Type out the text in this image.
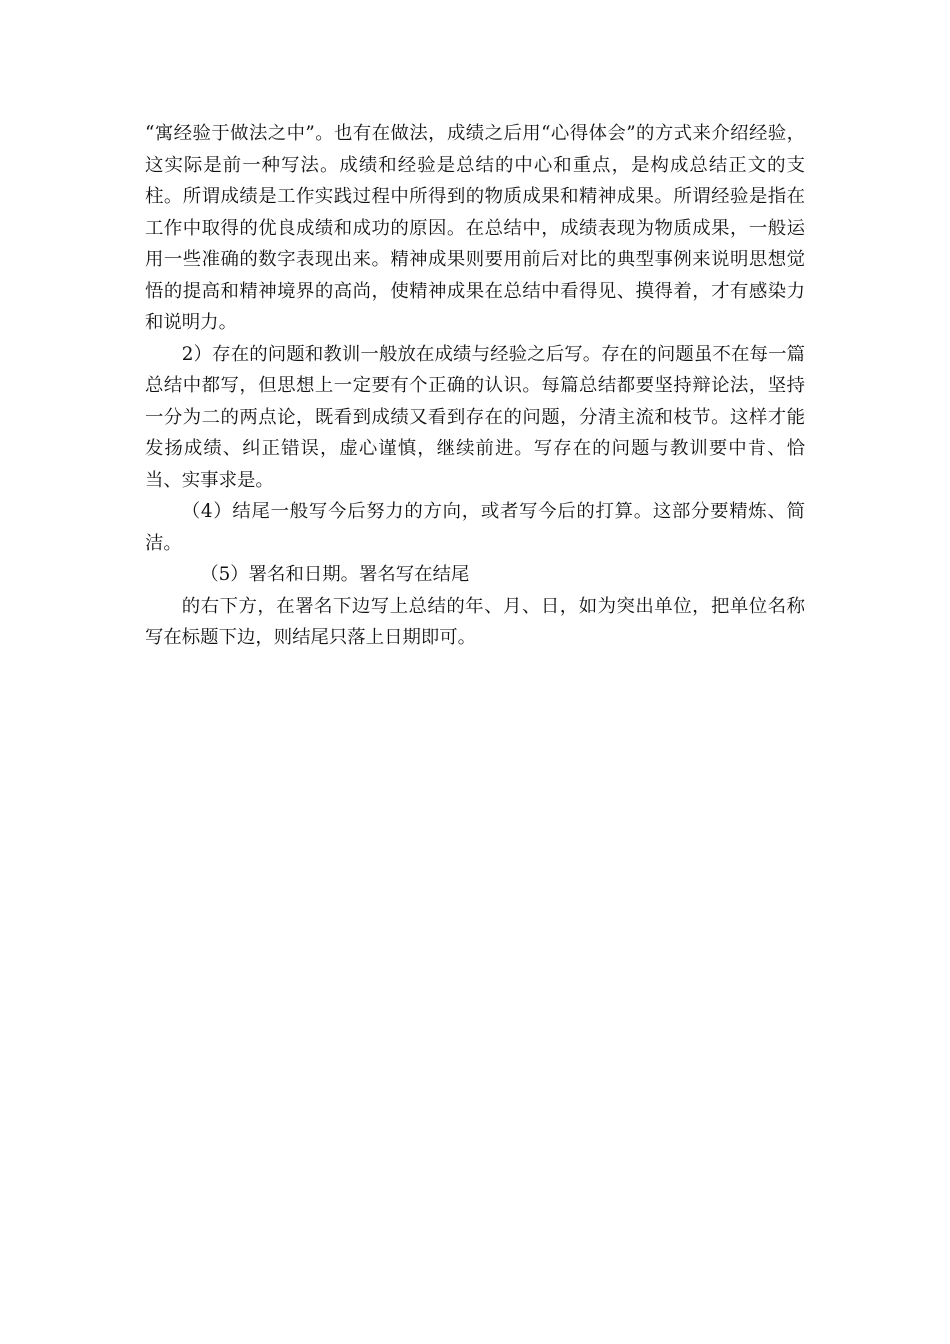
“寓经验于做法之中”。也有在做法，成绩之后用“心得体会”的方式来介绍经验，这实际是前一种写法。成绩和经验是总结的中心和重点，是构成总结正文的支柱。所谓成绩是工作实践过程中所得到的物质成果和精神成果。所谓经验是指在工作中取得的优良成绩和成功的原因。在总结中，成绩表现为物质成果，一般运用一些准确的数字表现出来。精神成果则要用前后对比的典型事例来说明思想觉悟的提高和精神境界的高尚，使精神成果在总结中看得见、摸得着，才有感染力和说明力。

2）存在的问题和教训一般放在成绩与经验之后写。存在的问题虽不在每一篇总结中都写，但思想上一定要有个正确的认识。每篇总结都要坚持辩论法，坚持一分为二的两点论，既看到成绩又看到存在的问题，分清主流和枝节。这样才能发扬成绩、纠正错误，虚心谨慎，继续前进。写存在的问题与教训要中肯、恰当、实事求是。

（4）结尾一般写今后努力的方向，或者写今后的打算。这部分要精炼、简洁。

（5）署名和日期。署名写在结尾

的右下方，在署名下边写上总结的年、月、日，如为突出单位，把单位名称写在标题下边，则结尾只落上日期即可。
